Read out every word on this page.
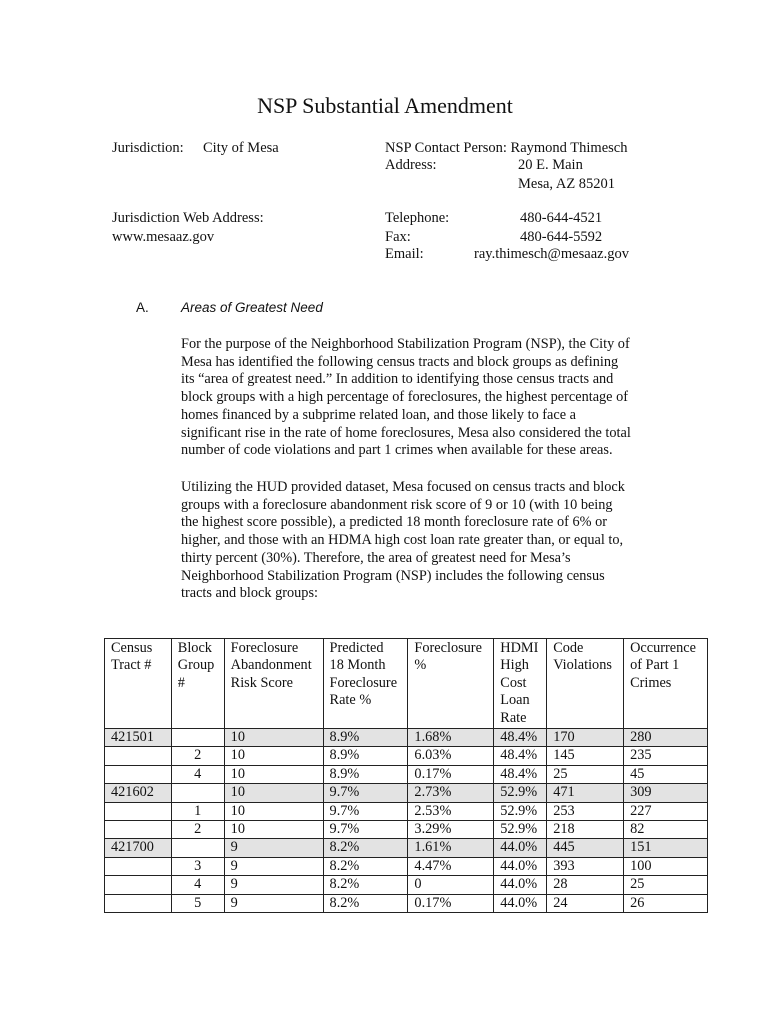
NSP Substantial Amendment
Jurisdiction: City of Mesa
Jurisdiction Web Address:
www.mesaaz.gov
NSP Contact Person: Raymond Thimesch
Address:	20 E. Main
Mesa, AZ 85201
Telephone:	480-644-4521
Fax:	480-644-5592
Email:	ray.thimesch@mesaaz.gov
A. Areas of Greatest Need
For the purpose of the Neighborhood Stabilization Program (NSP), the City of
Mesa has identified the following census tracts and block groups as defining
its “area of greatest need.” In addition to identifying those census tracts and
block groups with a high percentage of foreclosures, the highest percentage of
homes financed by a subprime related loan, and those likely to face a
significant rise in the rate of home foreclosures, Mesa also considered the total
number of code violations and part 1 crimes when available for these areas.
Utilizing the HUD provided dataset, Mesa focused on census tracts and block
groups with a foreclosure abandonment risk score of 9 or 10 (with 10 being
the highest score possible), a predicted 18 month foreclosure rate of 6% or
higher, and those with an HDMA high cost loan rate greater than, or equal to,
thirty percent (30%). Therefore, the area of greatest need for Mesa’s
Neighborhood Stabilization Program (NSP) includes the following census
tracts and block groups:
Census
Tract #	Block
Group
#	Foreclosure
Abandonment
Risk Score	Predicted
18 Month
Foreclosure
Rate %	Foreclosure
%	HDMI
High
Cost
Loan
Rate	Code
Violations	Occurrence
of Part 1
Crimes
421501		10	8.9%	1.68%	48.4%	170	280
	2	10	8.9%	6.03%	48.4%	145	235
	4	10	8.9%	0.17%	48.4%	25	45
421602		10	9.7%	2.73%	52.9%	471	309
	1	10	9.7%	2.53%	52.9%	253	227
	2	10	9.7%	3.29%	52.9%	218	82
421700		9	8.2%	1.61%	44.0%	445	151
	3	9	8.2%	4.47%	44.0%	393	100
	4	9	8.2%	0	44.0%	28	25
	5	9	8.2%	0.17%	44.0%	24	26
